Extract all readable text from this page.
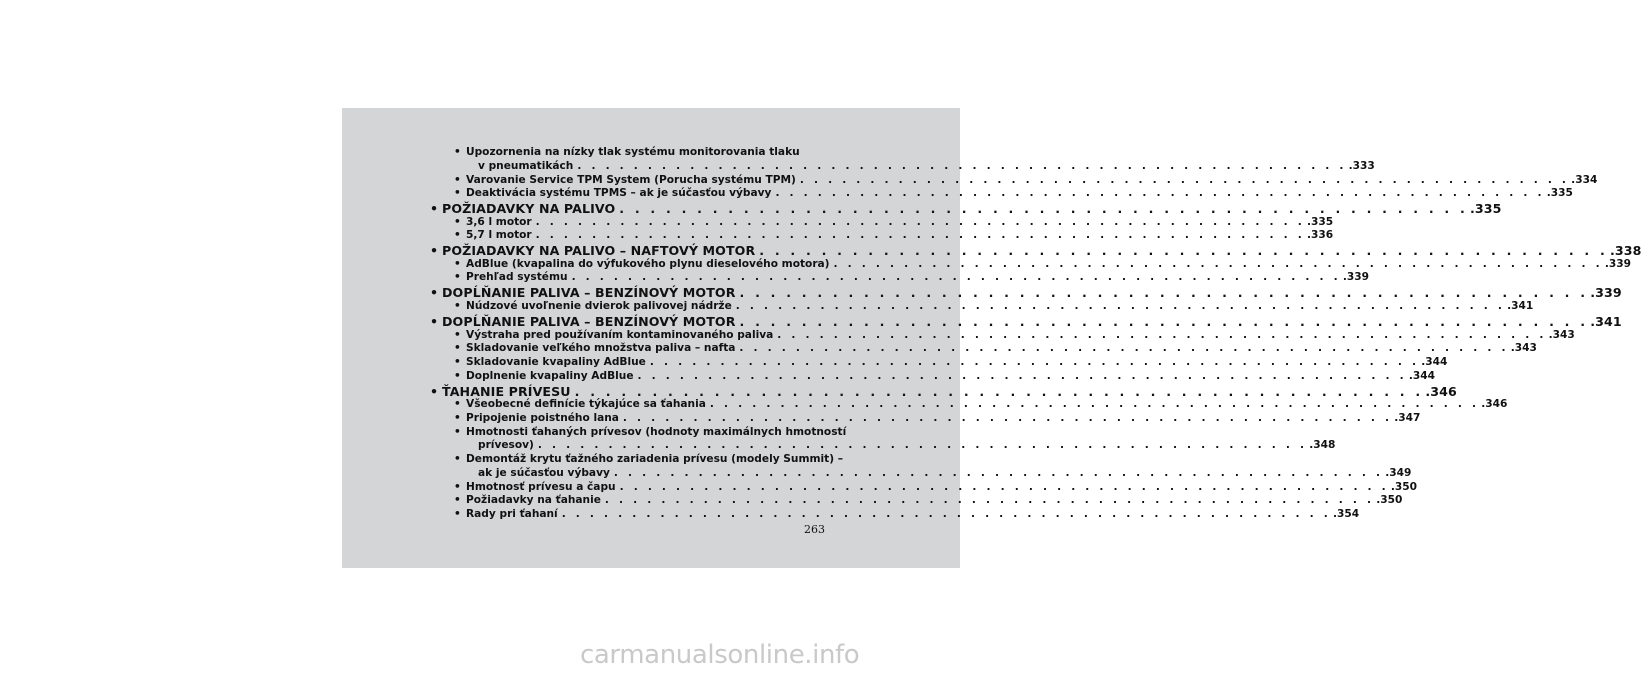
• Upozornenia na nízky tlak systému monitorovania tlaku
v pneumatikách . . . . . . . . . . . . . . . . . . . . . . . . . . . . . . . . . . . . . . . . . . . . . . . . . . . . . . . .333
• Varovanie Service TPM System (Porucha systému TPM) . . . . . . . . . . . . . . . . . . . . . . . . . . . . . . . . . . . . . . . . . . . . . . . . . . . . . . . .334
• Deaktivácia systému TPMS – ak je súčasťou výbavy . . . . . . . . . . . . . . . . . . . . . . . . . . . . . . . . . . . . . . . . . . . . . . . . . . . . . . . .335
• POŽIADAVKY NA PALIVO . . . . . . . . . . . . . . . . . . . . . . . . . . . . . . . . . . . . . . . . . . . . . . . . . . . . . . . .335
• 3,6 l motor . . . . . . . . . . . . . . . . . . . . . . . . . . . . . . . . . . . . . . . . . . . . . . . . . . . . . . . .335
• 5,7 l motor . . . . . . . . . . . . . . . . . . . . . . . . . . . . . . . . . . . . . . . . . . . . . . . . . . . . . . . .336
• POŽIADAVKY NA PALIVO – NAFTOVÝ MOTOR . . . . . . . . . . . . . . . . . . . . . . . . . . . . . . . . . . . . . . . . . . . . . . . . . . . . . . . .338
• AdBlue (kvapalina do výfukového plynu dieselového motora) . . . . . . . . . . . . . . . . . . . . . . . . . . . . . . . . . . . . . . . . . . . . . . . . . . . . . . . .339
• Prehľad systému . . . . . . . . . . . . . . . . . . . . . . . . . . . . . . . . . . . . . . . . . . . . . . . . . . . . . . . .339
• DOPĹŇANIE PALIVA – BENZÍNOVÝ MOTOR . . . . . . . . . . . . . . . . . . . . . . . . . . . . . . . . . . . . . . . . . . . . . . . . . . . . . . . .339
• Núdzové uvoľnenie dvierok palivovej nádrže . . . . . . . . . . . . . . . . . . . . . . . . . . . . . . . . . . . . . . . . . . . . . . . . . . . . . . . .341
• DOPĹŇANIE PALIVA – BENZÍNOVÝ MOTOR . . . . . . . . . . . . . . . . . . . . . . . . . . . . . . . . . . . . . . . . . . . . . . . . . . . . . . . .341
• Výstraha pred používaním kontaminovaného paliva . . . . . . . . . . . . . . . . . . . . . . . . . . . . . . . . . . . . . . . . . . . . . . . . . . . . . . . .343
• Skladovanie veľkého množstva paliva – nafta . . . . . . . . . . . . . . . . . . . . . . . . . . . . . . . . . . . . . . . . . . . . . . . . . . . . . . . .343
• Skladovanie kvapaliny AdBlue . . . . . . . . . . . . . . . . . . . . . . . . . . . . . . . . . . . . . . . . . . . . . . . . . . . . . . . .344
• Doplnenie kvapaliny AdBlue . . . . . . . . . . . . . . . . . . . . . . . . . . . . . . . . . . . . . . . . . . . . . . . . . . . . . . . .344
• ŤAHANIE PRÍVESU . . . . . . . . . . . . . . . . . . . . . . . . . . . . . . . . . . . . . . . . . . . . . . . . . . . . . . . .346
• Všeobecné definície týkajúce sa ťahania . . . . . . . . . . . . . . . . . . . . . . . . . . . . . . . . . . . . . . . . . . . . . . . . . . . . . . . .346
• Pripojenie poistného lana . . . . . . . . . . . . . . . . . . . . . . . . . . . . . . . . . . . . . . . . . . . . . . . . . . . . . . . .347
• Hmotnosti ťahaných prívesov (hodnoty maximálnych hmotností
prívesov) . . . . . . . . . . . . . . . . . . . . . . . . . . . . . . . . . . . . . . . . . . . . . . . . . . . . . . . .348
• Demontáž krytu ťažného zariadenia prívesu (modely Summit) –
ak je súčasťou výbavy . . . . . . . . . . . . . . . . . . . . . . . . . . . . . . . . . . . . . . . . . . . . . . . . . . . . . . . .349
• Hmotnosť prívesu a čapu . . . . . . . . . . . . . . . . . . . . . . . . . . . . . . . . . . . . . . . . . . . . . . . . . . . . . . . .350
• Požiadavky na ťahanie . . . . . . . . . . . . . . . . . . . . . . . . . . . . . . . . . . . . . . . . . . . . . . . . . . . . . . . .350
• Rady pri ťahaní . . . . . . . . . . . . . . . . . . . . . . . . . . . . . . . . . . . . . . . . . . . . . . . . . . . . . . . .354
263
carmanualsonline.info
